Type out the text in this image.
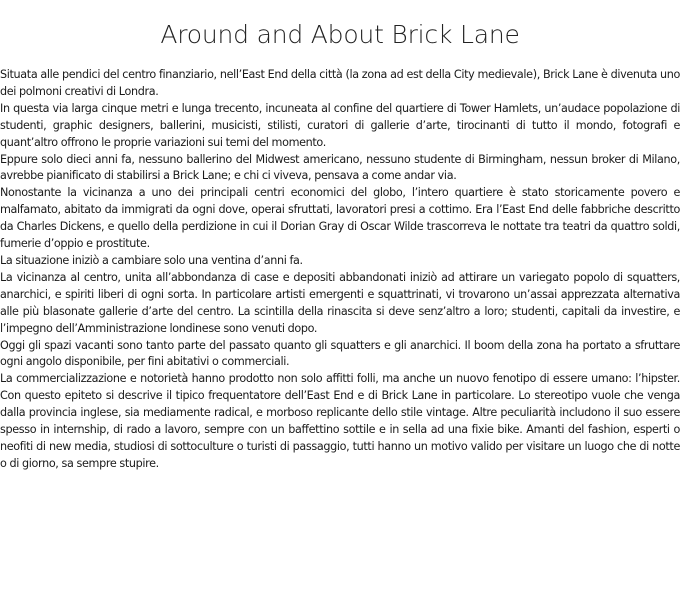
Around and About Brick Lane

Situata alle pendici del centro finanziario, nell’East End della città (la zona ad est della City medievale), Brick Lane è divenuta uno dei polmoni creativi di Londra.

In questa via larga cinque metri e lunga trecento, incuneata al confine del quartiere di Tower Hamlets, un’audace popolazione di studenti, graphic designers, ballerini, musicisti, stilisti, curatori di gallerie d’arte, tirocinanti di tutto il mondo, fotografi e quant’altro offrono le proprie variazioni sui temi del momento.

Eppure solo dieci anni fa, nessuno ballerino del Midwest americano, nessuno studente di Birmingham, nessun broker di Milano, avrebbe pianificato di stabilirsi a Brick Lane; e chi ci viveva, pensava a come andar via.

Nonostante la vicinanza a uno dei principali centri economici del globo, l’intero quartiere è stato storicamente povero e malfamato, abitato da immigrati da ogni dove, operai sfruttati, lavoratori presi a cottimo. Era l’East End delle fabbriche descritto da Charles Dickens, e quello della perdizione in cui il Dorian Gray di Oscar Wilde trascorreva le nottate tra teatri da quattro soldi, fumerie d’oppio e prostitute.

La situazione iniziò a cambiare solo una ventina d’anni fa.

La vicinanza al centro, unita all’abbondanza di case e depositi abbandonati iniziò ad attirare un variegato popolo di squatters, anarchici, e spiriti liberi di ogni sorta. In particolare artisti emergenti e squattrinati, vi trovarono un’assai apprezzata alternativa alle più blasonate gallerie d’arte del centro. La scintilla della rinascita si deve senz’altro a loro; studenti, capitali da investire, e l’impegno dell’Amministrazione londinese sono venuti dopo.

Oggi gli spazi vacanti sono tanto parte del passato quanto gli squatters e gli anarchici. Il boom della zona ha portato a sfruttare ogni angolo disponibile, per fini abitativi o commerciali.

La commercializzazione e notorietà hanno prodotto non solo affitti folli, ma anche un nuovo fenotipo di essere umano: l’hipster. Con questo epiteto si descrive il tipico frequentatore dell’East End e di Brick Lane in particolare. Lo stereotipo vuole che venga dalla provincia inglese, sia mediamente radical, e morboso replicante dello stile vintage. Altre peculiarità includono il suo essere spesso in internship, di rado a lavoro, sempre con un baffettino sottile e in sella ad una fixie bike. Amanti del fashion, esperti o neofiti di new media, studiosi di sottoculture o turisti di passaggio, tutti hanno un motivo valido per visitare un luogo che di notte o di giorno, sa sempre stupire.
